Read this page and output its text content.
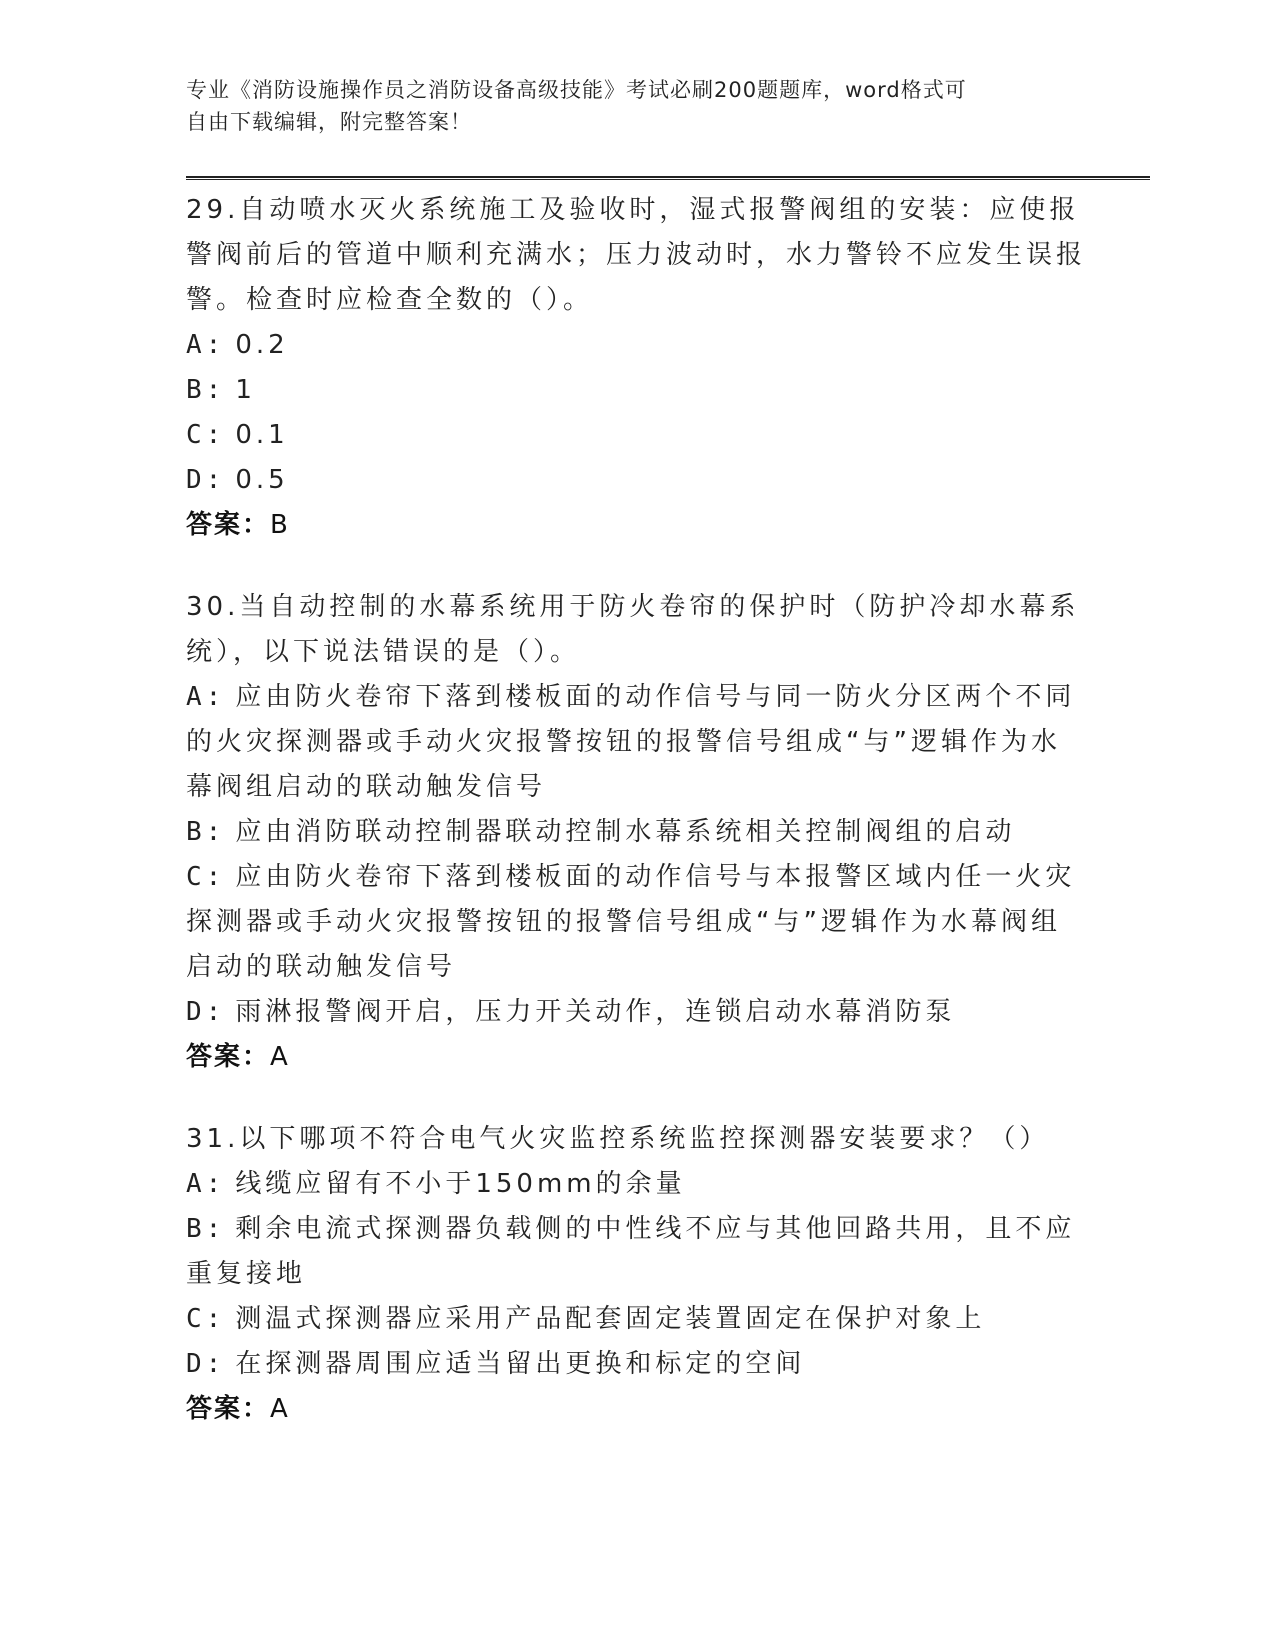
专业《消防设施操作员之消防设备高级技能》考试必刷200题题库，word格式可
自由下载编辑，附完整答案！

29.自动喷水灭火系统施工及验收时，湿式报警阀组的安装：应使报警阀前后的管道中顺利充满水；压力波动时，水力警铃不应发生误报警。检查时应检查全数的（）。

A: 0.2

B: 1

C: 0.1

D: 0.5

答案：B

30.当自动控制的水幕系统用于防火卷帘的保护时（防护冷却水幕系统），以下说法错误的是（）。

A: 应由防火卷帘下落到楼板面的动作信号与同一防火分区两个不同的火灾探测器或手动火灾报警按钮的报警信号组成“与”逻辑作为水幕阀组启动的联动触发信号

B: 应由消防联动控制器联动控制水幕系统相关控制阀组的启动

C: 应由防火卷帘下落到楼板面的动作信号与本报警区域内任一火灾探测器或手动火灾报警按钮的报警信号组成“与”逻辑作为水幕阀组启动的联动触发信号

D: 雨淋报警阀开启，压力开关动作，连锁启动水幕消防泵

答案：A

31.以下哪项不符合电气火灾监控系统监控探测器安装要求？（）

A: 线缆应留有不小于150mm的余量

B: 剩余电流式探测器负载侧的中性线不应与其他回路共用，且不应重复接地

C: 测温式探测器应采用产品配套固定装置固定在保护对象上

D: 在探测器周围应适当留出更换和标定的空间

答案：A
